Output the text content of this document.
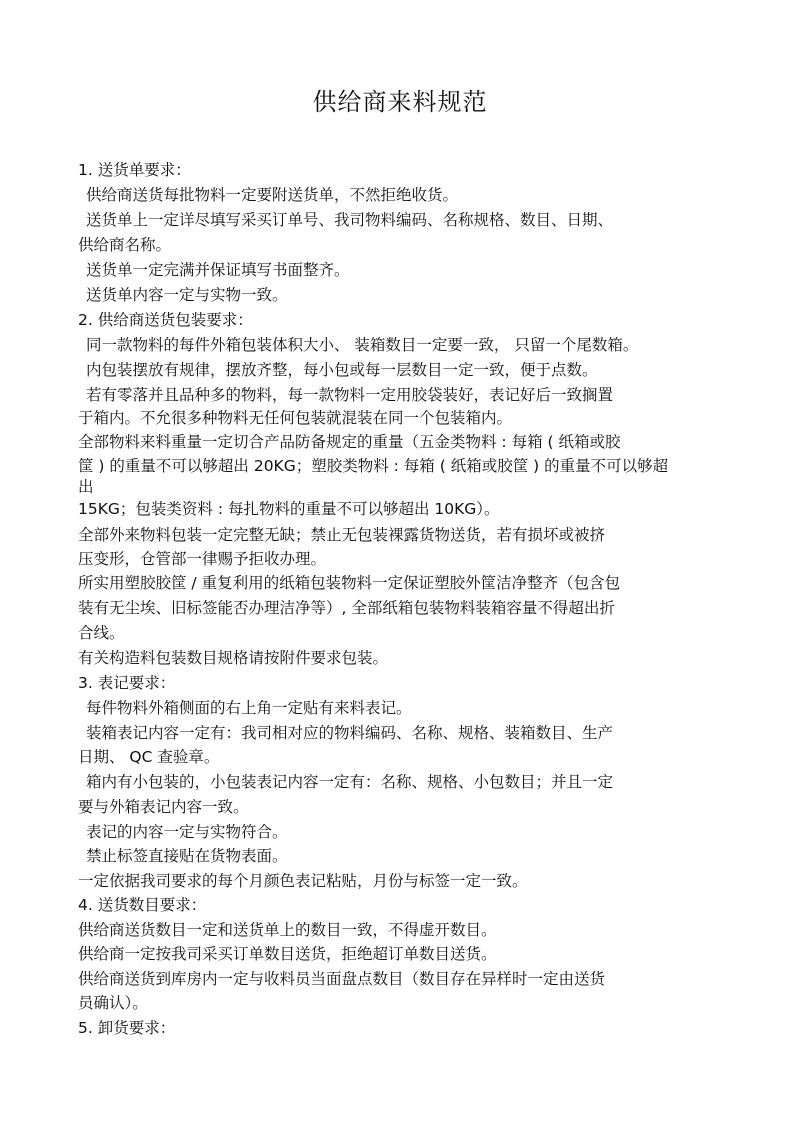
供给商来料规范
1. 送货单要求：
供给商送货每批物料一定要附送货单，不然拒绝收货。
送货单上一定详尽填写采买订单号、我司物料编码、名称规格、数目、日期、
供给商名称。
送货单一定完满并保证填写书面整齐。
送货单内容一定与实物一致。
2. 供给商送货包装要求：
同一款物料的每件外箱包装体积大小、 装箱数目一定要一致， 只留一个尾数箱。
内包装摆放有规律，摆放齐整，每小包或每一层数目一定一致，便于点数。
若有零落并且品种多的物料，每一款物料一定用胶袋装好，表记好后一致搁置
于箱内。不允很多种物料无任何包装就混装在同一个包装箱内。
全部物料来料重量一定切合产品防备规定的重量（五金类物料 : 每箱 ( 纸箱或胶
筐 ) 的重量不可以够超出 20KG；塑胶类物料 : 每箱 ( 纸箱或胶筐 ) 的重量不可以够超
出
15KG；包装类资料 : 每扎物料的重量不可以够超出 10KG）。
全部外来物料包装一定完整无缺；禁止无包装裸露货物送货，若有损坏或被挤
压变形，仓管部一律赐予拒收办理。
所实用塑胶胶筐 / 重复利用的纸箱包装物料一定保证塑胶外筐洁净整齐（包含包
装有无尘埃、旧标签能否办理洁净等）, 全部纸箱包装物料装箱容量不得超出折
合线。
有关构造料包装数目规格请按附件要求包装。
3. 表记要求：
每件物料外箱侧面的右上角一定贴有来料表记。
装箱表记内容一定有：我司相对应的物料编码、名称、规格、装箱数目、生产
日期、 QC 查验章。
箱内有小包装的，小包装表记内容一定有：名称、规格、小包数目；并且一定
要与外箱表记内容一致。
表记的内容一定与实物符合。
禁止标签直接贴在货物表面。
一定依据我司要求的每个月颜色表记粘贴，月份与标签一定一致。
4. 送货数目要求：
供给商送货数目一定和送货单上的数目一致，不得虚开数目。
供给商一定按我司采买订单数目送货，拒绝超订单数目送货。
供给商送货到库房内一定与收料员当面盘点数目（数目存在异样时一定由送货
员确认）。
5. 卸货要求：
